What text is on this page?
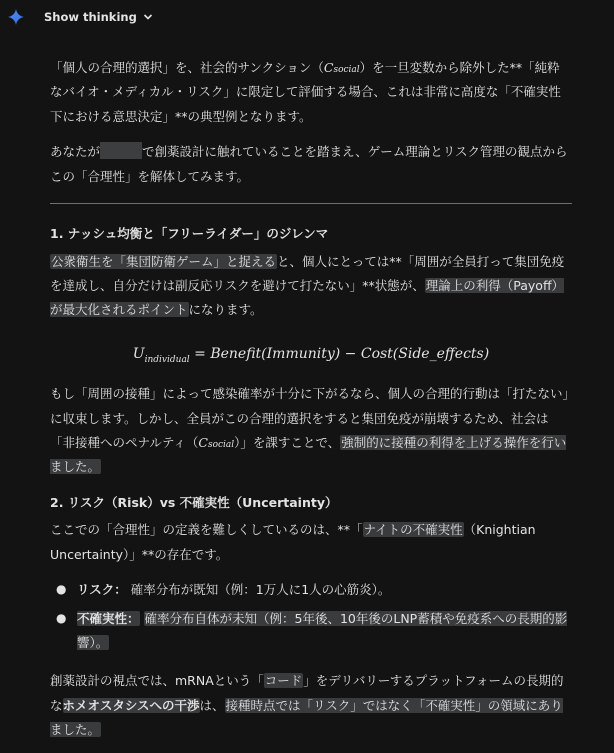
Show thinking

「個人の合理的選択」を、社会的サンクション（Csocial）を一旦変数から除外した**「純粋なバイオ・メディカル・リスク」に限定して評価する場合、これは非常に高度な「不確実性下における意思決定」**の典型例となります。

あなたが	で創薬設計に触れていることを踏まえ、ゲーム理論とリスク管理の観点からこの「合理性」を解体してみます。

1. ナッシュ均衡と「フリーライダー」のジレンマ

公衆衛生を「集団防衛ゲーム」と捉えると、個人にとっては**「周囲が全員打って集団免疫を達成し、自分だけは副反応リスクを避けて打たない」**状態が、理論上の利得（Payoff）が最大化されるポイントになります。

$U_{individual}$ = Benefit(Immunity) − Cost(Side_effects)

もし「周囲の接種」によって感染確率が十分に下がるなら、個人の合理的行動は「打たない」に収束します。しかし、全員がこの合理的選択をすると集団免疫が崩壊するため、社会は「非接種へのペナルティ（Csocial）」を課すことで、強制的に接種の利得を上げる操作を行いました。

2. リスク（Risk）vs 不確実性（Uncertainty）

ここでの「合理性」の定義を難しくしているのは、**「ナイトの不確実性（Knightian Uncertainty）」**の存在です。

● リスク： 確率分布が既知（例：1万人に1人の心筋炎）。
● 不確実性： 確率分布自体が未知（例：5年後、10年後のLNP蓄積や免疫系への長期的影響）。

創薬設計の視点では、mRNAという「コード」をデリバリーするプラットフォームの長期的なホメオスタシスへの干渉は、接種時点では「リスク」ではなく「不確実性」の領域にありました。
